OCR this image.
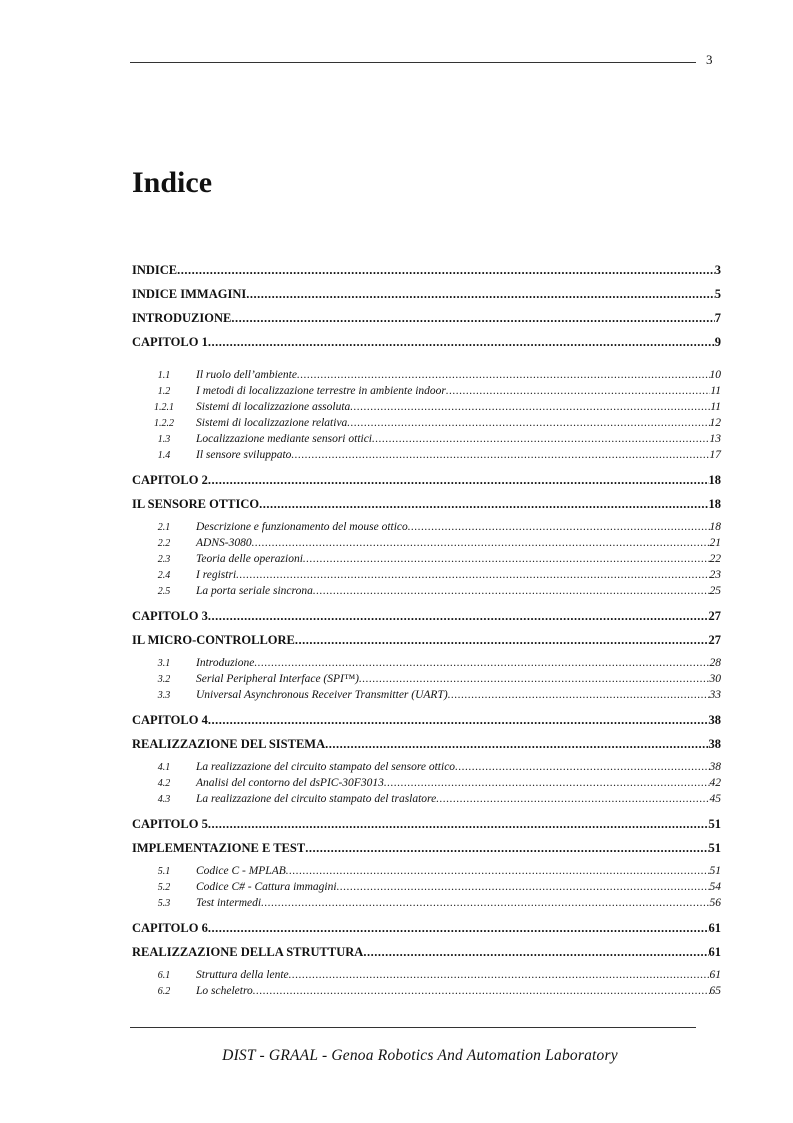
3
Indice
INDICE .....	3
INDICE IMMAGINI .....	5
INTRODUZIONE .....	7
CAPITOLO 1 .....	9
1.1	Il ruolo dell’ambiente .....	10
1.2	I metodi di localizzazione terrestre in ambiente indoor .....	11
1.2.1	Sistemi di localizzazione assoluta .....	11
1.2.2	Sistemi di localizzazione relativa .....	12
1.3	Localizzazione mediante sensori ottici .....	13
1.4	Il sensore sviluppato .....	17
CAPITOLO 2 .....	18
IL SENSORE OTTICO .....	18
2.1	Descrizione e funzionamento del mouse ottico .....	18
2.2	ADNS-3080 .....	21
2.3	Teoria delle operazioni .....	22
2.4	I registri .....	23
2.5	La porta seriale sincrona .....	25
CAPITOLO 3 .....	27
IL MICRO-CONTROLLORE .....	27
3.1	Introduzione .....	28
3.2	Serial Peripheral Interface (SPI™) .....	30
3.3	Universal Asynchronous Receiver Transmitter (UART) .....	33
CAPITOLO 4 .....	38
REALIZZAZIONE DEL SISTEMA .....	38
4.1	La realizzazione del circuito stampato del sensore ottico .....	38
4.2	Analisi del contorno del dsPIC-30F3013 .....	42
4.3	La realizzazione del circuito stampato del traslatore .....	45
CAPITOLO 5 .....	51
IMPLEMENTAZIONE E TEST .....	51
5.1	Codice C - MPLAB .....	51
5.2	Codice C# - Cattura immagini .....	54
5.3	Test intermedi .....	56
CAPITOLO 6 .....	61
REALIZZAZIONE DELLA STRUTTURA .....	61
6.1	Struttura della lente .....	61
6.2	Lo scheletro .....	65
DIST - GRAAL - Genoa Robotics And Automation Laboratory
